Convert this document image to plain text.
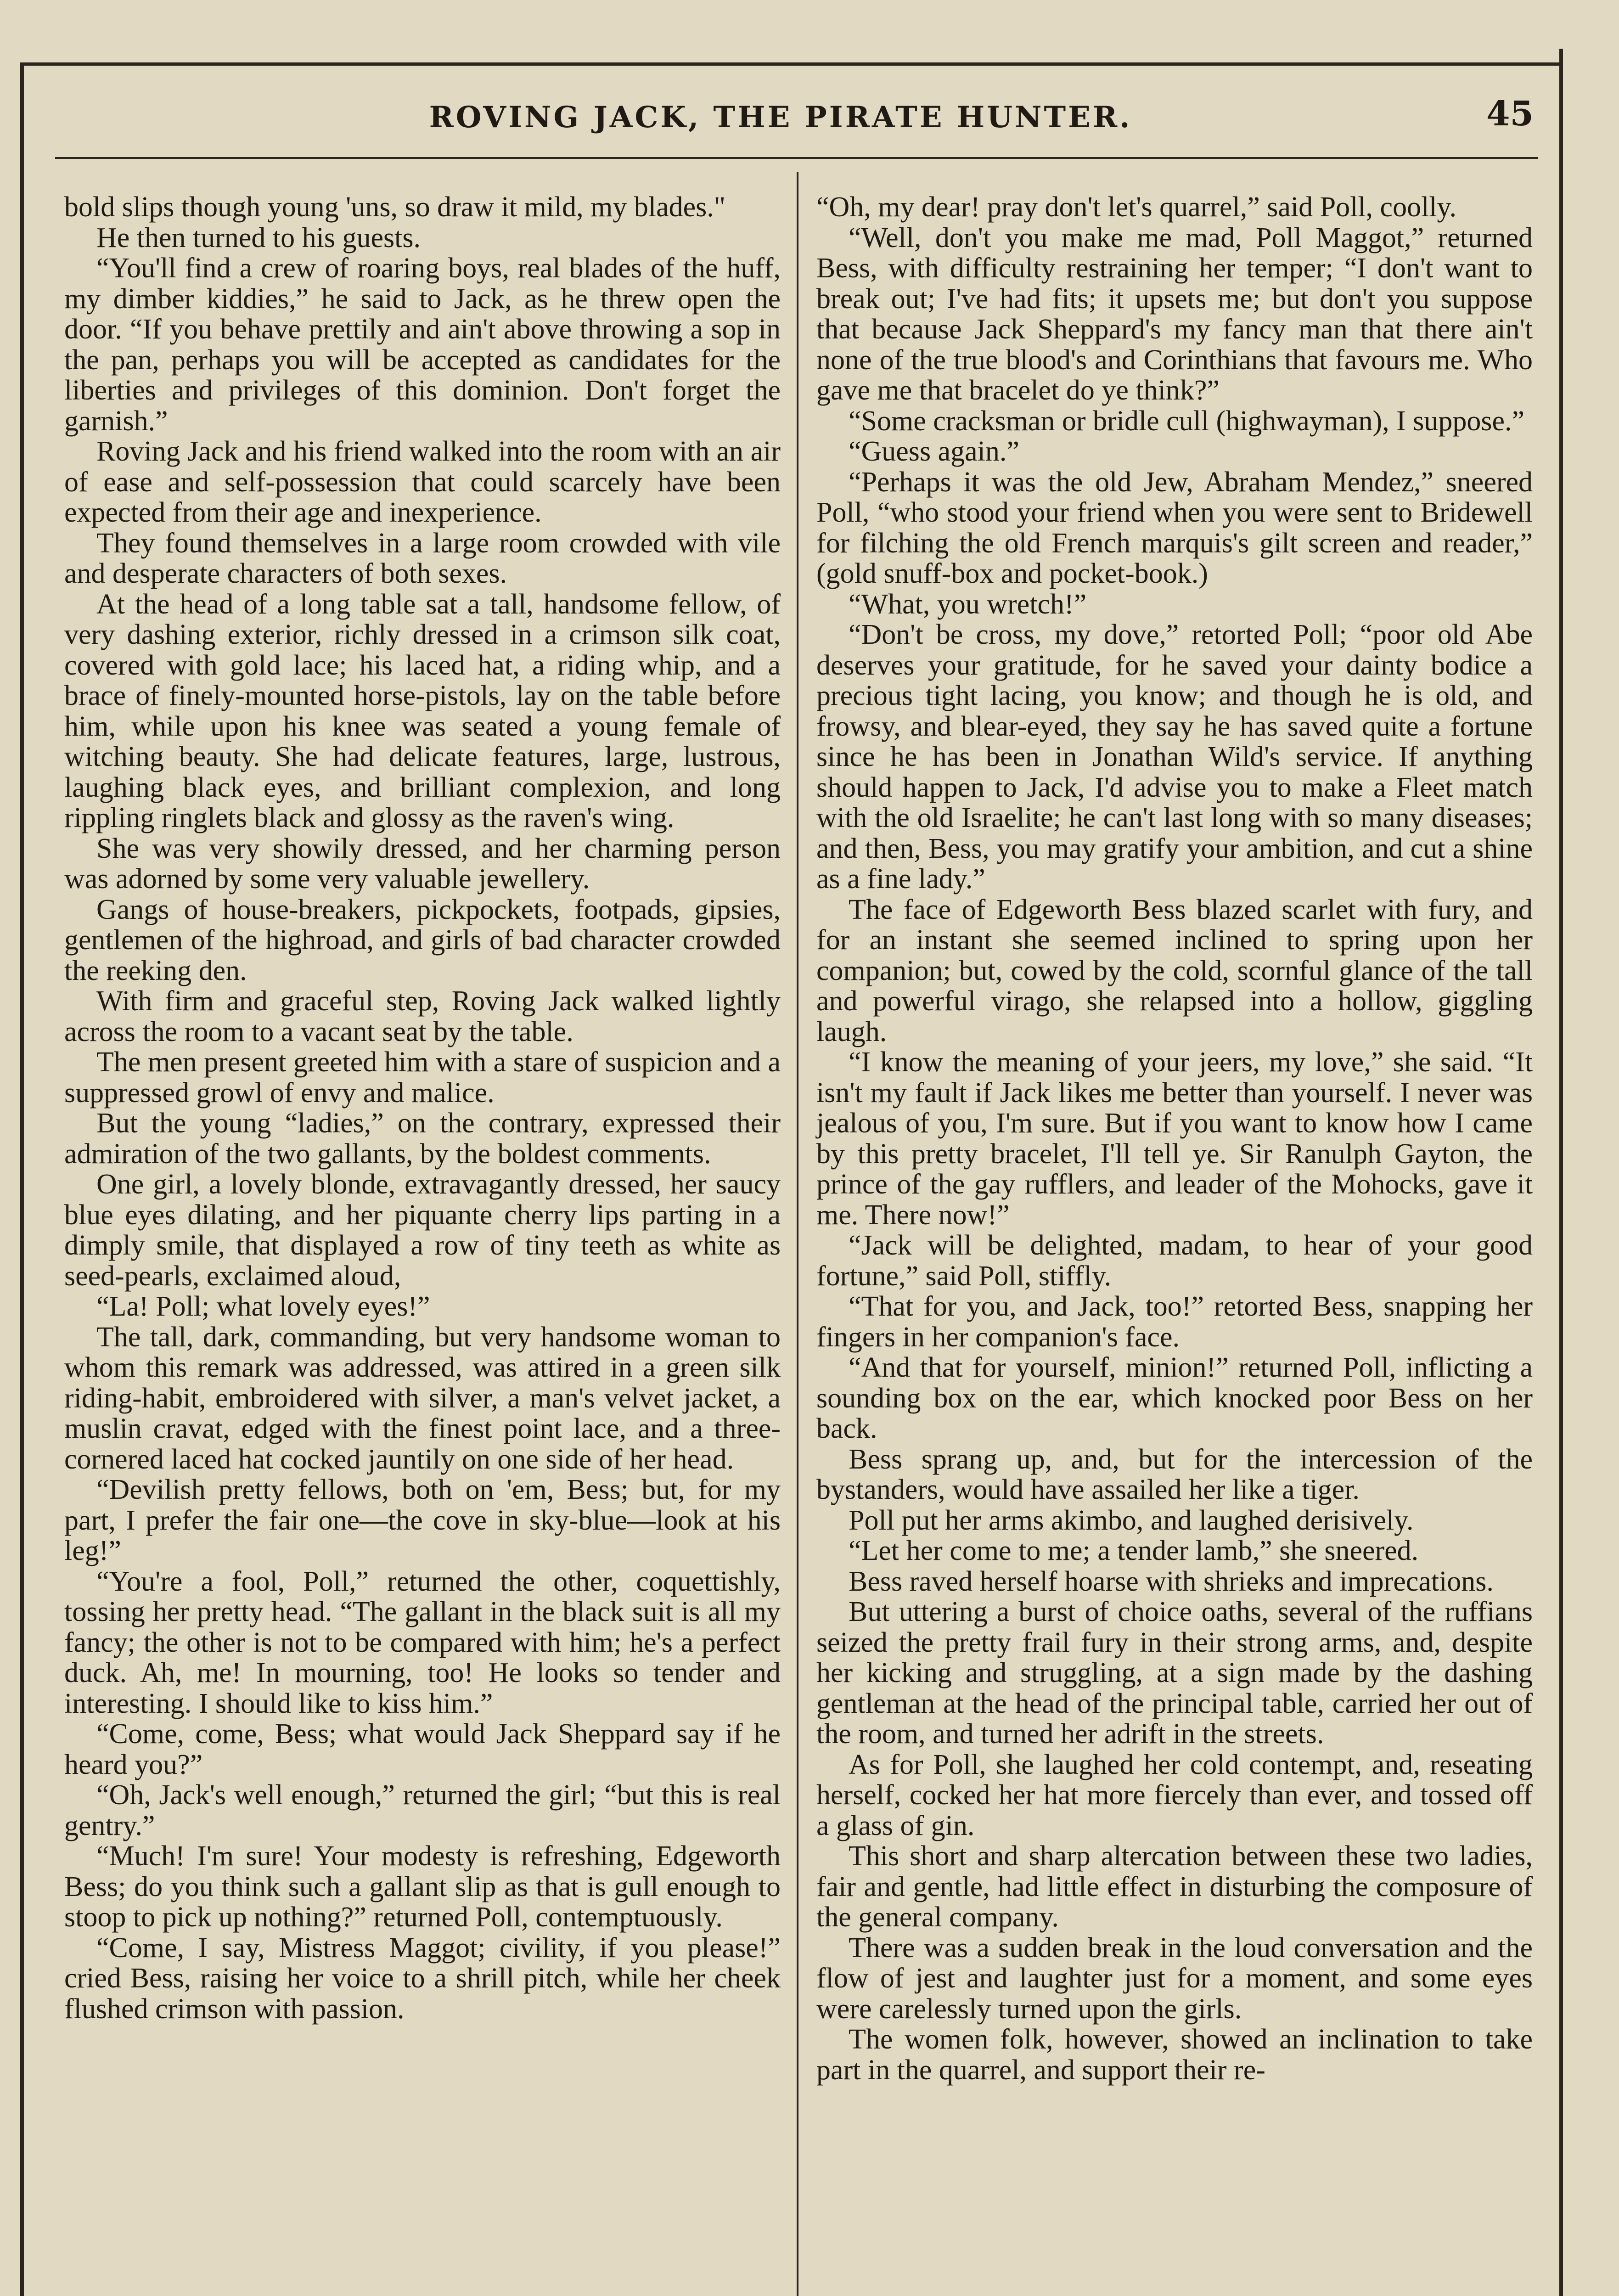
ROVING JACK, THE PIRATE HUNTER.	45

bold slips though young 'uns, so draw it mild, my blades."

He then turned to his guests.

“You'll find a crew of roaring boys, real blades of the huff, my dimber kiddies,” he said to Jack, as he threw open the door. “If you behave prettily and ain't above throwing a sop in the pan, perhaps you will be accepted as candidates for the liberties and privileges of this dominion. Don't forget the garnish.”

Roving Jack and his friend walked into the room with an air of ease and self-possession that could scarcely have been expected from their age and inexperience.

They found themselves in a large room crowded with vile and desperate characters of both sexes.

At the head of a long table sat a tall, handsome fellow, of very dashing exterior, richly dressed in a crimson silk coat, covered with gold lace; his laced hat, a riding whip, and a brace of finely-mounted horse-pistols, lay on the table before him, while upon his knee was seated a young female of witching beauty. She had delicate features, large, lustrous, laughing black eyes, and brilliant complexion, and long rippling ringlets black and glossy as the raven's wing.

She was very showily dressed, and her charming person was adorned by some very valuable jewellery.

Gangs of house-breakers, pickpockets, footpads, gipsies, gentlemen of the highroad, and girls of bad character crowded the reeking den.

With firm and graceful step, Roving Jack walked lightly across the room to a vacant seat by the table.

The men present greeted him with a stare of suspicion and a suppressed growl of envy and malice.

But the young “ladies,” on the contrary, expressed their admiration of the two gallants, by the boldest comments.

One girl, a lovely blonde, extravagantly dressed, her saucy blue eyes dilating, and her piquante cherry lips parting in a dimply smile, that displayed a row of tiny teeth as white as seed-pearls, exclaimed aloud,

“La! Poll; what lovely eyes!”

The tall, dark, commanding, but very handsome woman to whom this remark was addressed, was attired in a green silk riding-habit, embroidered with silver, a man's velvet jacket, a muslin cravat, edged with the finest point lace, and a three-cornered laced hat cocked jauntily on one side of her head.

“Devilish pretty fellows, both on 'em, Bess; but, for my part, I prefer the fair one—the cove in sky-blue—look at his leg!”

“You're a fool, Poll,” returned the other, coquettishly, tossing her pretty head. “The gallant in the black suit is all my fancy; the other is not to be compared with him; he's a perfect duck. Ah, me! In mourning, too! He looks so tender and interesting. I should like to kiss him.”

“Come, come, Bess; what would Jack Sheppard say if he heard you?”

“Oh, Jack's well enough,” returned the girl; “but this is real gentry.”

“Much! I'm sure! Your modesty is refreshing, Edgeworth Bess; do you think such a gallant slip as that is gull enough to stoop to pick up nothing?” returned Poll, contemptuously.

“Come, I say, Mistress Maggot; civility, if you please!” cried Bess, raising her voice to a shrill pitch, while her cheek flushed crimson with passion.

“Oh, my dear! pray don't let's quarrel,” said Poll, coolly.

“Well, don't you make me mad, Poll Maggot,” returned Bess, with difficulty restraining her temper; “I don't want to break out; I've had fits; it upsets me; but don't you suppose that because Jack Sheppard's my fancy man that there ain't none of the true blood's and Corinthians that favours me. Who gave me that bracelet do ye think?”

“Some cracksman or bridle cull (highwayman), I suppose.”

“Guess again.”

“Perhaps it was the old Jew, Abraham Mendez,” sneered Poll, “who stood your friend when you were sent to Bridewell for filching the old French marquis's gilt screen and reader,” (gold snuff-box and pocket-book.)

“What, you wretch!”

“Don't be cross, my dove,” retorted Poll; “poor old Abe deserves your gratitude, for he saved your dainty bodice a precious tight lacing, you know; and though he is old, and frowsy, and blear-eyed, they say he has saved quite a fortune since he has been in Jonathan Wild's service. If anything should happen to Jack, I'd advise you to make a Fleet match with the old Israelite; he can't last long with so many diseases; and then, Bess, you may gratify your ambition, and cut a shine as a fine lady.”

The face of Edgeworth Bess blazed scarlet with fury, and for an instant she seemed inclined to spring upon her companion; but, cowed by the cold, scornful glance of the tall and powerful virago, she relapsed into a hollow, giggling laugh.

“I know the meaning of your jeers, my love,” she said. “It isn't my fault if Jack likes me better than yourself. I never was jealous of you, I'm sure. But if you want to know how I came by this pretty bracelet, I'll tell ye. Sir Ranulph Gayton, the prince of the gay rufflers, and leader of the Mohocks, gave it me. There now!”

“Jack will be delighted, madam, to hear of your good fortune,” said Poll, stiffly.

“That for you, and Jack, too!” retorted Bess, snapping her fingers in her companion's face.

“And that for yourself, minion!” returned Poll, inflicting a sounding box on the ear, which knocked poor Bess on her back.

Bess sprang up, and, but for the intercession of the bystanders, would have assailed her like a tiger.

Poll put her arms akimbo, and laughed derisively.

“Let her come to me; a tender lamb,” she sneered.

Bess raved herself hoarse with shrieks and imprecations.

But uttering a burst of choice oaths, several of the ruffians seized the pretty frail fury in their strong arms, and, despite her kicking and struggling, at a sign made by the dashing gentleman at the head of the principal table, carried her out of the room, and turned her adrift in the streets.

As for Poll, she laughed her cold contempt, and, reseating herself, cocked her hat more fiercely than ever, and tossed off a glass of gin.

This short and sharp altercation between these two ladies, fair and gentle, had little effect in disturbing the composure of the general company.

There was a sudden break in the loud conversation and the flow of jest and laughter just for a moment, and some eyes were carelessly turned upon the girls.

The women folk, however, showed an inclination to take part in the quarrel, and support their re-
